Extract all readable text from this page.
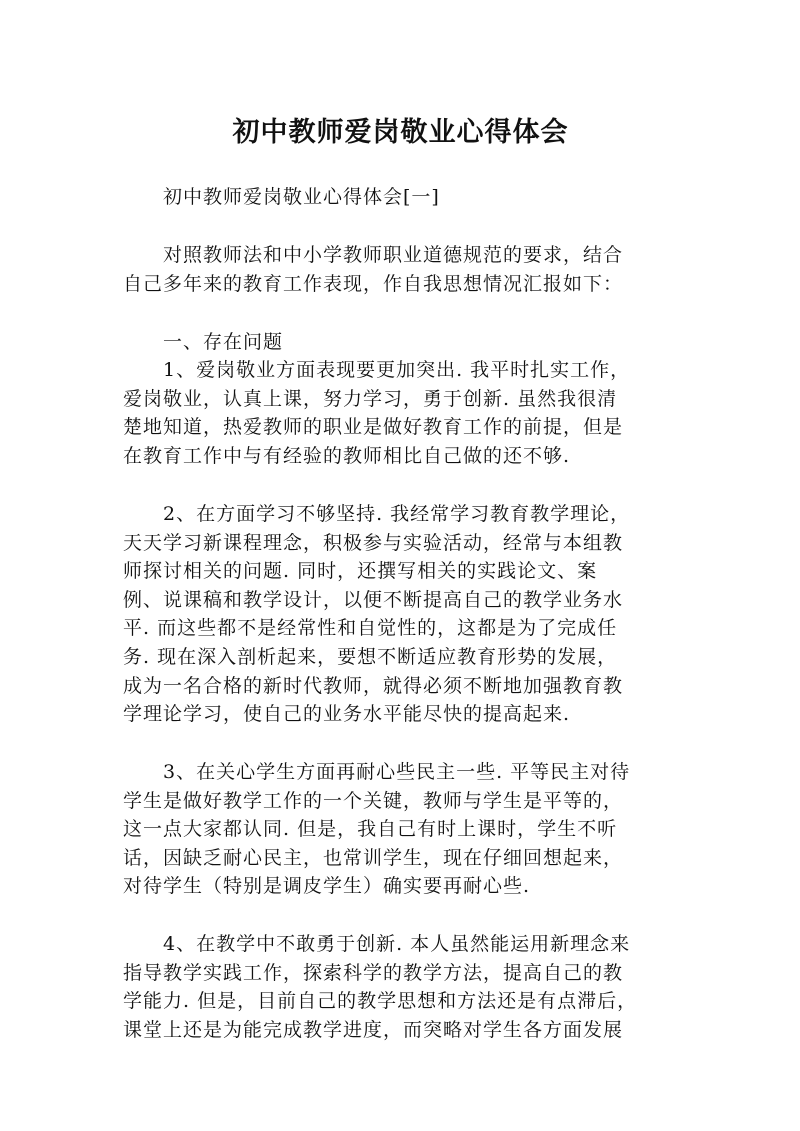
初中教师爱岗敬业心得体会
初中教师爱岗敬业心得体会[一]
对照教师法和中小学教师职业道德规范的要求，结合
自己多年来的教育工作表现，作自我思想情况汇报如下：
一、存在问题
1、爱岗敬业方面表现要更加突出. 我平时扎实工作，
爱岗敬业，认真上课，努力学习，勇于创新. 虽然我很清
楚地知道，热爱教师的职业是做好教育工作的前提，但是
在教育工作中与有经验的教师相比自己做的还不够.
2、在方面学习不够坚持. 我经常学习教育教学理论，
天天学习新课程理念，积极参与实验活动，经常与本组教
师探讨相关的问题. 同时，还撰写相关的实践论文、案
例、说课稿和教学设计，以便不断提高自己的教学业务水
平. 而这些都不是经常性和自觉性的，这都是为了完成任
务. 现在深入剖析起来，要想不断适应教育形势的发展，
成为一名合格的新时代教师，就得必须不断地加强教育教
学理论学习，使自己的业务水平能尽快的提高起来.
3、在关心学生方面再耐心些民主一些. 平等民主对待
学生是做好教学工作的一个关键，教师与学生是平等的，
这一点大家都认同. 但是，我自己有时上课时，学生不听
话，因缺乏耐心民主，也常训学生，现在仔细回想起来，
对待学生（特别是调皮学生）确实要再耐心些.
4、在教学中不敢勇于创新. 本人虽然能运用新理念来
指导教学实践工作，探索科学的教学方法，提高自己的教
学能力. 但是，目前自己的教学思想和方法还是有点滞后，
课堂上还是为能完成教学进度，而突略对学生各方面发展
